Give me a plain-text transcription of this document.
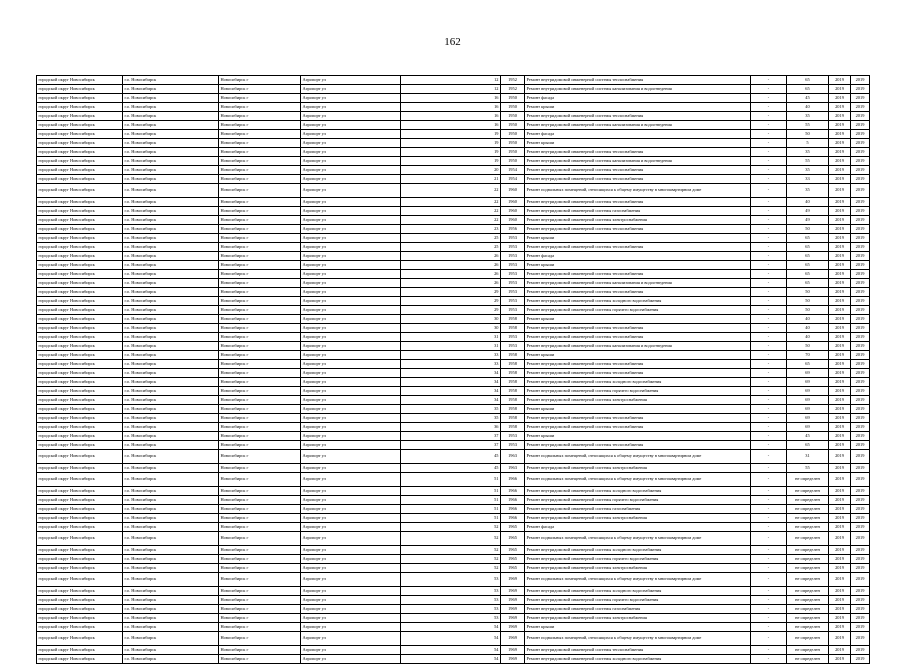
162
городской округ Новосибирск	г.о. Новосибирск	Новосибирск г	Аэропорт ул	12	1952	Ремонт внутридомовой инженерной системы теплоснабжения	-	65	2019	2019
городской округ Новосибирск	г.о. Новосибирск	Новосибирск г	Аэропорт ул	12	1952	Ремонт внутридомовой инженерной системы канализования и водоотведения	-	65	2019	2019
городской округ Новосибирск	г.о. Новосибирск	Новосибирск г	Аэропорт ул	16	1950	Ремонт фасада	-	45	2019	2019
городской округ Новосибирск	г.о. Новосибирск	Новосибирск г	Аэропорт ул	16	1950	Ремонт крыши	-	40	2019	2019
городской округ Новосибирск	г.о. Новосибирск	Новосибирск г	Аэропорт ул	16	1950	Ремонт внутридомовой инженерной системы теплоснабжения	-	35	2019	2019
городской округ Новосибирск	г.о. Новосибирск	Новосибирск г	Аэропорт ул	16	1950	Ремонт внутридомовой инженерной системы канализования и водоотведения	-	55	2019	2019
городской округ Новосибирск	г.о. Новосибирск	Новосибирск г	Аэропорт ул	19	1950	Ремонт фасада	-	50	2019	2019
городской округ Новосибирск	г.о. Новосибирск	Новосибирск г	Аэропорт ул	19	1950	Ремонт крыши	-	5	2019	2019
городской округ Новосибирск	г.о. Новосибирск	Новосибирск г	Аэропорт ул	19	1950	Ремонт внутридомовой инженерной системы теплоснабжения	-	35	2019	2019
городской округ Новосибирск	г.о. Новосибирск	Новосибирск г	Аэропорт ул	19	1950	Ремонт внутридомовой инженерной системы канализования и водоотведения	-	55	2019	2019
городской округ Новосибирск	г.о. Новосибирск	Новосибирск г	Аэропорт ул	20	1954	Ремонт внутридомовой инженерной системы теплоснабжения	-	35	2019	2019
городской округ Новосибирск	г.о. Новосибирск	Новосибирск г	Аэропорт ул	21	1954	Ремонт внутридомовой инженерной системы теплоснабжения	-	33	2019	2019
городской округ Новосибирск	г.о. Новосибирск	Новосибирск г	Аэропорт ул	22	1960	Ремонт подвальных помещений, относящихся к общему имуществу в многоквартирном доме	-	35	2019	2019
городской округ Новосибирск	г.о. Новосибирск	Новосибирск г	Аэропорт ул	22	1960	Ремонт внутридомовой инженерной системы теплоснабжения	-	40	2019	2019
городской округ Новосибирск	г.о. Новосибирск	Новосибирск г	Аэропорт ул	22	1960	Ремонт внутридомовой инженерной системы газоснабжения	-	49	2019	2019
городской округ Новосибирск	г.о. Новосибирск	Новосибирск г	Аэропорт ул	22	1960	Ремонт внутридомовой инженерной системы электроснабжения	-	49	2019	2019
городской округ Новосибирск	г.о. Новосибирск	Новосибирск г	Аэропорт ул	23	1956	Ремонт внутридомовой инженерной системы теплоснабжения	-	50	2019	2019
городской округ Новосибирск	г.о. Новосибирск	Новосибирск г	Аэропорт ул	25	1953	Ремонт крыши	-	65	2019	2019
городской округ Новосибирск	г.о. Новосибирск	Новосибирск г	Аэропорт ул	25	1953	Ремонт внутридомовой инженерной системы теплоснабжения	-	65	2019	2019
городской округ Новосибирск	г.о. Новосибирск	Новосибирск г	Аэропорт ул	26	1953	Ремонт фасада	-	65	2019	2019
городской округ Новосибирск	г.о. Новосибирск	Новосибирск г	Аэропорт ул	26	1953	Ремонт крыши	-	65	2019	2019
городской округ Новосибирск	г.о. Новосибирск	Новосибирск г	Аэропорт ул	26	1953	Ремонт внутридомовой инженерной системы теплоснабжения	-	65	2019	2019
городской округ Новосибирск	г.о. Новосибирск	Новосибирск г	Аэропорт ул	26	1953	Ремонт внутридомовой инженерной системы канализования и водоотведения	-	65	2019	2019
городской округ Новосибирск	г.о. Новосибирск	Новосибирск г	Аэропорт ул	29	1953	Ремонт внутридомовой инженерной системы теплоснабжения	-	50	2019	2019
городской округ Новосибирск	г.о. Новосибирск	Новосибирск г	Аэропорт ул	29	1953	Ремонт внутридомовой инженерной системы холодного водоснабжения	-	50	2019	2019
городской округ Новосибирск	г.о. Новосибирск	Новосибирск г	Аэропорт ул	29	1953	Ремонт внутридомовой инженерной системы горячего водоснабжения	-	50	2019	2019
городской округ Новосибирск	г.о. Новосибирск	Новосибирск г	Аэропорт ул	30	1958	Ремонт крыши	-	40	2019	2019
городской округ Новосибирск	г.о. Новосибирск	Новосибирск г	Аэропорт ул	30	1958	Ремонт внутридомовой инженерной системы теплоснабжения	-	40	2019	2019
городской округ Новосибирск	г.о. Новосибирск	Новосибирск г	Аэропорт ул	31	1953	Ремонт внутридомовой инженерной системы теплоснабжения	-	40	2019	2019
городской округ Новосибирск	г.о. Новосибирск	Новосибирск г	Аэропорт ул	31	1953	Ремонт внутридомовой инженерной системы канализования и водоотведения	-	50	2019	2019
городской округ Новосибирск	г.о. Новосибирск	Новосибирск г	Аэропорт ул	33	1958	Ремонт крыши	-	70	2019	2019
городской округ Новосибирск	г.о. Новосибирск	Новосибирск г	Аэропорт ул	33	1958	Ремонт внутридомовой инженерной системы теплоснабжения	-	65	2019	2019
городской округ Новосибирск	г.о. Новосибирск	Новосибирск г	Аэропорт ул	34	1958	Ремонт внутридомовой инженерной системы теплоснабжения	-	69	2019	2019
городской округ Новосибирск	г.о. Новосибирск	Новосибирск г	Аэропорт ул	34	1958	Ремонт внутридомовой инженерной системы холодного водоснабжения	-	69	2019	2019
городской округ Новосибирск	г.о. Новосибирск	Новосибирск г	Аэропорт ул	34	1958	Ремонт внутридомовой инженерной системы горячего водоснабжения	-	69	2019	2019
городской округ Новосибирск	г.о. Новосибирск	Новосибирск г	Аэропорт ул	34	1958	Ремонт внутридомовой инженерной системы электроснабжения	-	69	2019	2019
городской округ Новосибирск	г.о. Новосибирск	Новосибирск г	Аэропорт ул	35	1958	Ремонт крыши	-	69	2019	2019
городской округ Новосибирск	г.о. Новосибирск	Новосибирск г	Аэропорт ул	35	1958	Ремонт внутридомовой инженерной системы теплоснабжения	-	69	2019	2019
городской округ Новосибирск	г.о. Новосибирск	Новосибирск г	Аэропорт ул	36	1958	Ремонт внутридомовой инженерной системы теплоснабжения	-	69	2019	2019
городской округ Новосибирск	г.о. Новосибирск	Новосибирск г	Аэропорт ул	37	1953	Ремонт крыши	-	45	2019	2019
городской округ Новосибирск	г.о. Новосибирск	Новосибирск г	Аэропорт ул	37	1953	Ремонт внутридомовой инженерной системы теплоснабжения	-	65	2019	2019
городской округ Новосибирск	г.о. Новосибирск	Новосибирск г	Аэропорт ул	45	1963	Ремонт подвальных помещений, относящихся к общему имуществу в многоквартирном доме	-	31	2019	2019
городской округ Новосибирск	г.о. Новосибирск	Новосибирск г	Аэропорт ул	45	1963	Ремонт внутридомовой инженерной системы электроснабжения	-	55	2019	2019
городской округ Новосибирск	г.о. Новосибирск	Новосибирск г	Аэропорт ул	51	1966	Ремонт подвальных помещений, относящихся к общему имуществу в многоквартирном доме	-	не определен	2019	2019
городской округ Новосибирск	г.о. Новосибирск	Новосибирск г	Аэропорт ул	51	1966	Ремонт внутридомовой инженерной системы холодного водоснабжения	-	не определен	2019	2019
городской округ Новосибирск	г.о. Новосибирск	Новосибирск г	Аэропорт ул	51	1966	Ремонт внутридомовой инженерной системы горячего водоснабжения	-	не определен	2019	2019
городской округ Новосибирск	г.о. Новосибирск	Новосибирск г	Аэропорт ул	51	1966	Ремонт внутридомовой инженерной системы газоснабжения	-	не определен	2019	2019
городской округ Новосибирск	г.о. Новосибирск	Новосибирск г	Аэропорт ул	51	1966	Ремонт внутридомовой инженерной системы электроснабжения	-	не определен	2019	2019
городской округ Новосибирск	г.о. Новосибирск	Новосибирск г	Аэропорт ул	52	1965	Ремонт фасада	-	не определен	2019	2019
городской округ Новосибирск	г.о. Новосибирск	Новосибирск г	Аэропорт ул	52	1965	Ремонт подвальных помещений, относящихся к общему имуществу в многоквартирном доме	-	не определен	2019	2019
городской округ Новосибирск	г.о. Новосибирск	Новосибирск г	Аэропорт ул	52	1965	Ремонт внутридомовой инженерной системы холодного водоснабжения	-	не определен	2019	2019
городской округ Новосибирск	г.о. Новосибирск	Новосибирск г	Аэропорт ул	52	1965	Ремонт внутридомовой инженерной системы горячего водоснабжения	-	не определен	2019	2019
городской округ Новосибирск	г.о. Новосибирск	Новосибирск г	Аэропорт ул	52	1965	Ремонт внутридомовой инженерной системы электроснабжения	-	не определен	2019	2019
городской округ Новосибирск	г.о. Новосибирск	Новосибирск г	Аэропорт ул	53	1969	Ремонт подвальных помещений, относящихся к общему имуществу в многоквартирном доме	-	не определен	2019	2019
городской округ Новосибирск	г.о. Новосибирск	Новосибирск г	Аэропорт ул	53	1969	Ремонт внутридомовой инженерной системы холодного водоснабжения	-	не определен	2019	2019
городской округ Новосибирск	г.о. Новосибирск	Новосибирск г	Аэропорт ул	53	1969	Ремонт внутридомовой инженерной системы горячего водоснабжения	-	не определен	2019	2019
городской округ Новосибирск	г.о. Новосибирск	Новосибирск г	Аэропорт ул	53	1969	Ремонт внутридомовой инженерной системы газоснабжения	-	не определен	2019	2019
городской округ Новосибирск	г.о. Новосибирск	Новосибирск г	Аэропорт ул	53	1969	Ремонт внутридомовой инженерной системы электроснабжения	-	не определен	2019	2019
городской округ Новосибирск	г.о. Новосибирск	Новосибирск г	Аэропорт ул	54	1969	Ремонт крыши	-	не определен	2019	2019
городской округ Новосибирск	г.о. Новосибирск	Новосибирск г	Аэропорт ул	54	1969	Ремонт подвальных помещений, относящихся к общему имуществу в многоквартирном доме	-	не определен	2019	2019
городской округ Новосибирск	г.о. Новосибирск	Новосибирск г	Аэропорт ул	54	1969	Ремонт внутридомовой инженерной системы теплоснабжения	-	не определен	2019	2019
городской округ Новосибирск	г.о. Новосибирск	Новосибирск г	Аэропорт ул	54	1969	Ремонт внутридомовой инженерной системы холодного водоснабжения	-	не определен	2019	2019
